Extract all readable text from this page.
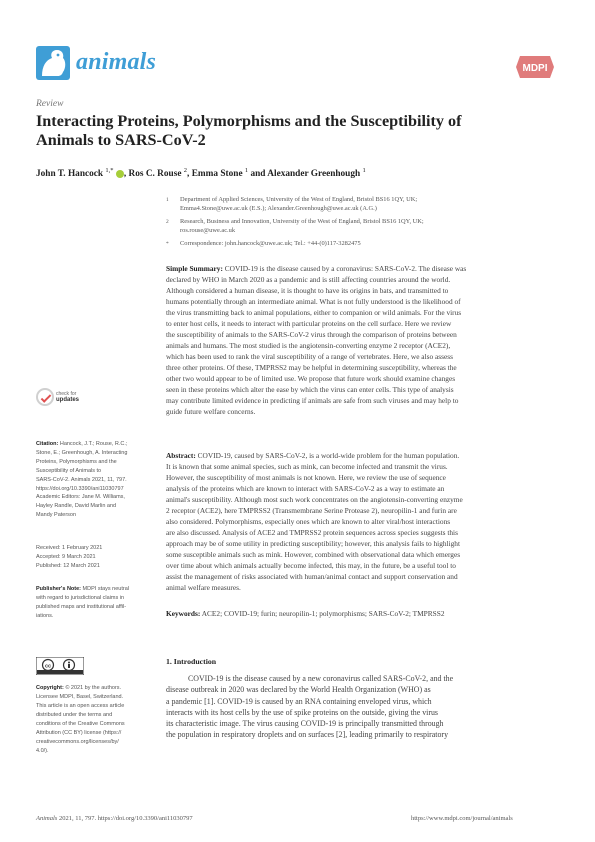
animals	MDPI
Review
Interacting Proteins, Polymorphisms and the Susceptibility of
Animals to SARS-CoV-2
John T. Hancock $^{1,*}$ , Ros C. Rouse $^2$, Emma Stone $^1$ and Alexander Greenhough $^1$
1 Department of Applied Sciences, University of the West of England, Bristol BS16 1QY, UK;
Emma4.Stone@uwe.ac.uk (E.S.); Alexander.Greenhough@uwe.ac.uk (A.G.)
2 Research, Business and Innovation, University of the West of England, Bristol BS16 1QY, UK;
ros.rouse@uwe.ac.uk
* Correspondence: john.hancock@uwe.ac.uk; Tel.: +44-(0)117-3282475
Simple Summary: COVID-19 is the disease caused by a coronavirus: SARS-CoV-2. The disease was
declared by WHO in March 2020 as a pandemic and is still affecting countries around the world.
Although considered a human disease, it is thought to have its origins in bats, and transmitted to
humans potentially through an intermediate animal. What is not fully understood is the likelihood of
the virus transmitting back to animal populations, either to companion or wild animals. For the virus
to enter host cells, it needs to interact with particular proteins on the cell surface. Here we review
the susceptibility of animals to the SARS-CoV-2 virus through the comparison of proteins between
animals and humans. The most studied is the angiotensin-converting enzyme 2 receptor (ACE2),
which has been used to rank the viral susceptibility of a range of vertebrates. Here, we also assess
three other proteins. Of these, TMPRSS2 may be helpful in determining susceptibility, whereas the
other two would appear to be of limited use. We propose that future work should examine changes
seen in these proteins which alter the ease by which the virus can enter cells. This type of analysis
may contribute limited evidence in predicting if animals are safe from such viruses and may help to
guide future welfare concerns.
Abstract: COVID-19, caused by SARS-CoV-2, is a world-wide problem for the human population.
It is known that some animal species, such as mink, can become infected and transmit the virus.
However, the susceptibility of most animals is not known. Here, we review the use of sequence
analysis of the proteins which are known to interact with SARS-CoV-2 as a way to estimate an
animal's susceptibility. Although most such work concentrates on the angiotensin-converting enzyme
2 receptor (ACE2), here TMPRSS2 (Transmembrane Serine Protease 2), neuropilin-1 and furin are
also considered. Polymorphisms, especially ones which are known to alter viral/host interactions
are also discussed. Analysis of ACE2 and TMPRSS2 protein sequences across species suggests this
approach may be of some utility in predicting susceptibility; however, this analysis fails to highlight
some susceptible animals such as mink. However, combined with observational data which emerges
over time about which animals actually become infected, this may, in the future, be a useful tool to
assist the management of risks associated with human/animal contact and support conservation and
animal welfare measures.
Keywords: ACE2; COVID-19; furin; neuropilin-1; polymorphisms; SARS-CoV-2; TMPRSS2
1. Introduction
COVID-19 is the disease caused by a new coronavirus called SARS-CoV-2, and the
disease outbreak in 2020 was declared by the World Health Organization (WHO) as
a pandemic [1]. COVID-19 is caused by an RNA containing enveloped virus, which
interacts with its host cells by the use of spike proteins on the outside, giving the virus
its characteristic image. The virus causing COVID-19 is principally transmitted through
the population in respiratory droplets and on surfaces [2], leading primarily to respiratory
check for
updates
Citation: Hancock, J.T.; Rouse, R.C.;
Stone, E.; Greenhough, A. Interacting
Proteins, Polymorphisms and the
Susceptibility of Animals to
SARS-CoV-2. Animals 2021, 11, 797.
https://doi.org/10.3390/ani11030797
Academic Editors: Jane M. Williams,
Hayley Randle, David Marlin and
Mandy Paterson
Received: 1 February 2021
Accepted: 9 March 2021
Published: 12 March 2021
Publisher's Note: MDPI stays neutral
with regard to jurisdictional claims in
published maps and institutional affil-
iations.
cc
Copyright: © 2021 by the authors.
Licensee MDPI, Basel, Switzerland.
This article is an open access article
distributed under the terms and
conditions of the Creative Commons
Attribution (CC BY) license (https://
creativecommons.org/licenses/by/
4.0/).
Animals 2021, 11, 797. https://doi.org/10.3390/ani11030797	https://www.mdpi.com/journal/animals
